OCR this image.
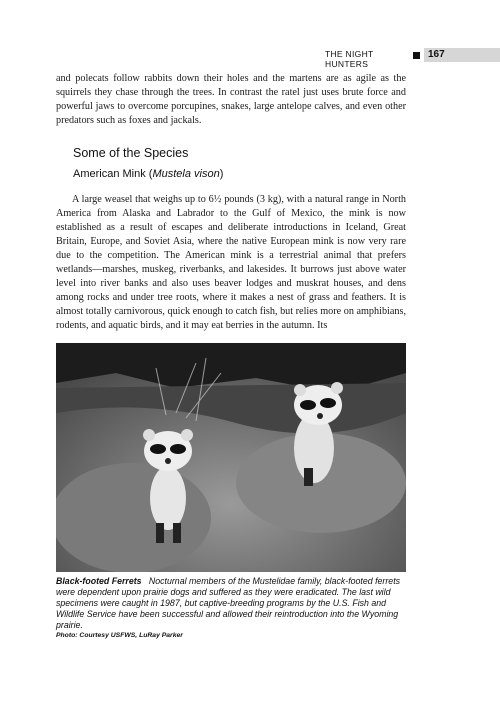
THE NIGHT HUNTERS
167

and polecats follow rabbits down their holes and the martens are as agile as the squirrels they chase through the trees. In contrast the ratel just uses brute force and powerful jaws to overcome porcupines, snakes, large antelope calves, and even other predators such as foxes and jackals.

Some of the Species
American Mink (Mustela vison)

A large weasel that weighs up to 6½ pounds (3 kg), with a natural range in North America from Alaska and Labrador to the Gulf of Mexico, the mink is now established as a result of escapes and deliberate introductions in Iceland, Great Britain, Europe, and Soviet Asia, where the native European mink is now very rare due to the competition. The American mink is a terrestrial animal that prefers wetlands—marshes, muskeg, riverbanks, and lakesides. It burrows just above water level into river banks and also uses beaver lodges and muskrat houses, and dens among rocks and under tree roots, where it makes a nest of grass and feathers. It is almost totally carnivorous, quick enough to catch fish, but relies more on amphibians, rodents, and aquatic birds, and it may eat berries in the autumn. Its

Black-footed Ferrets Nocturnal members of the Mustelidae family, black-footed ferrets were dependent upon prairie dogs and suffered as they were eradicated. The last wild specimens were caught in 1987, but captive-breeding programs by the U.S. Fish and Wildlife Service have been successful and allowed their reintroduction into the Wyoming prairie.

Photo: Courtesy USFWS, LuRay Parker
